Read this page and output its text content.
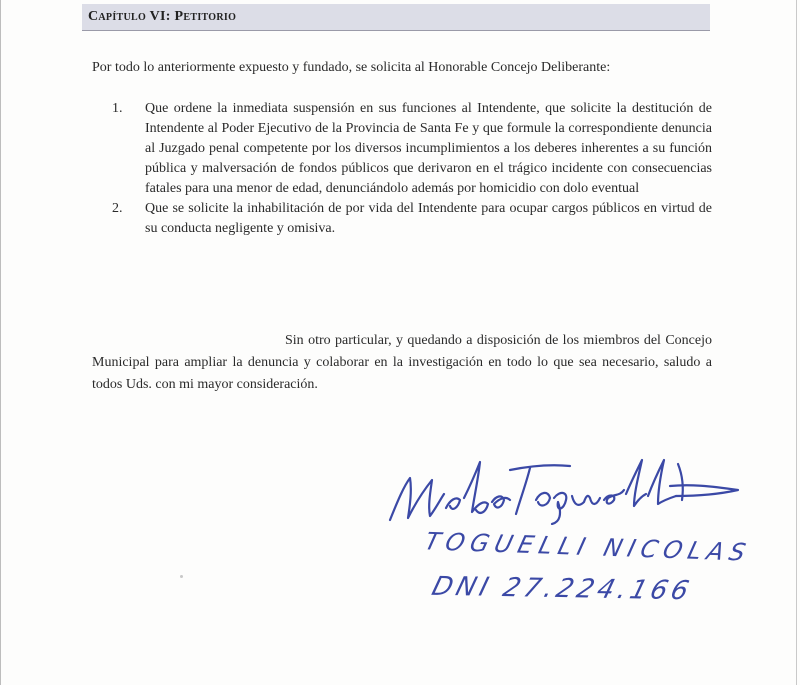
Capítulo VI: Petitorio
Por todo lo anteriormente expuesto y fundado, se solicita al Honorable Concejo Deliberante:
1. Que ordene la inmediata suspensión en sus funciones al Intendente, que solicite la destitución de Intendente al Poder Ejecutivo de la Provincia de Santa Fe y que formule la correspondiente denuncia al Juzgado penal competente por los diversos incumplimientos a los deberes inherentes a su función pública y malversación de fondos públicos que derivaron en el trágico incidente con consecuencias fatales para una menor de edad, denunciándolo además por homicidio con dolo eventual
2. Que se solicite la inhabilitación de por vida del Intendente para ocupar cargos públicos en virtud de su conducta negligente y omisiva.
Sin otro particular, y quedando a disposición de los miembros del Concejo Municipal para ampliar la denuncia y colaborar en la investigación en todo lo que sea necesario, saludo a todos Uds. con mi mayor consideración.
TOGUELLI NICOLAS
DNI 27.224.166
